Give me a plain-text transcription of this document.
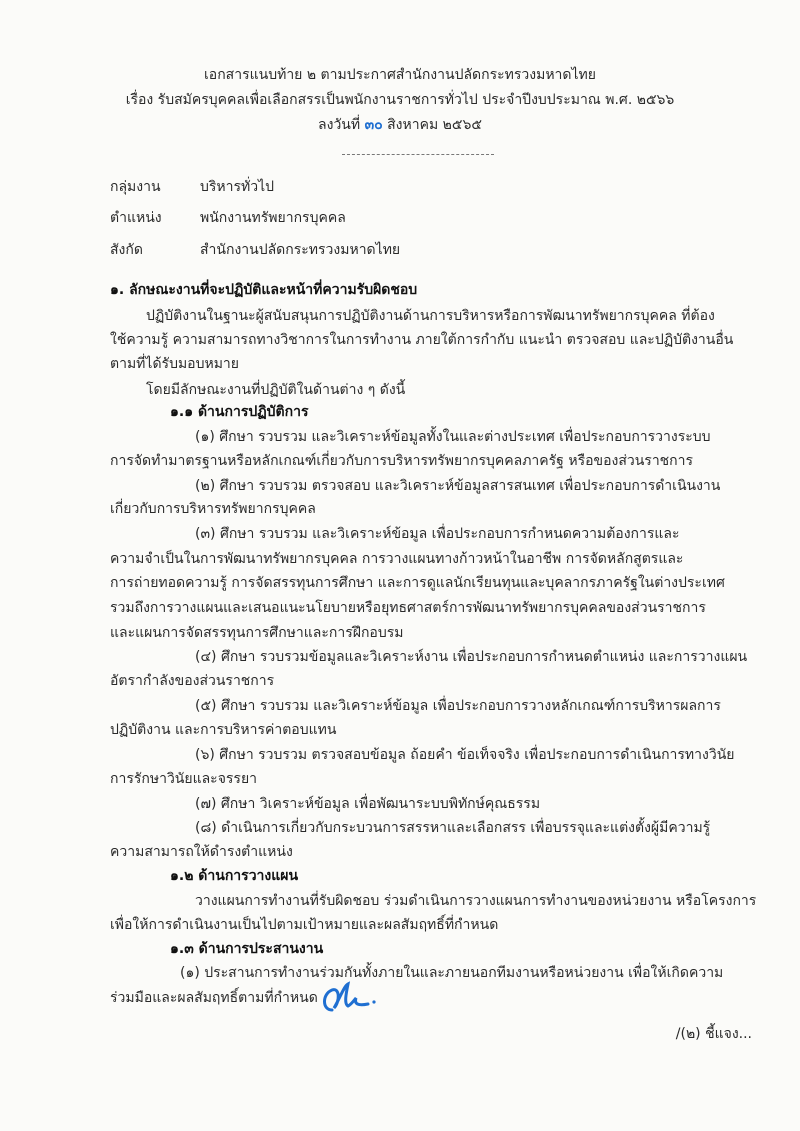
เอกสารแนบท้าย ๒ ตามประกาศสำนักงานปลัดกระทรวงมหาดไทย
เรื่อง รับสมัครบุคคลเพื่อเลือกสรรเป็นพนักงานราชการทั่วไป ประจำปีงบประมาณ พ.ศ. ๒๕๖๖
ลงวันที่ ๓๐ สิงหาคม ๒๕๖๕
กลุ่มงาน	บริหารทั่วไป
ตำแหน่ง	พนักงานทรัพยากรบุคคล
สังกัด	สำนักงานปลัดกระทรวงมหาดไทย
๑. ลักษณะงานที่จะปฏิบัติและหน้าที่ความรับผิดชอบ
ปฏิบัติงานในฐานะผู้สนับสนุนการปฏิบัติงานด้านการบริหารหรือการพัฒนาทรัพยากรบุคคล ที่ต้อง
ใช้ความรู้ ความสามารถทางวิชาการในการทำงาน ภายใต้การกำกับ แนะนำ ตรวจสอบ และปฏิบัติงานอื่น
ตามที่ได้รับมอบหมาย
โดยมีลักษณะงานที่ปฏิบัติในด้านต่าง ๆ ดังนี้
๑.๑ ด้านการปฏิบัติการ
(๑) ศึกษา รวบรวม และวิเคราะห์ข้อมูลทั้งในและต่างประเทศ เพื่อประกอบการวางระบบ
การจัดทำมาตรฐานหรือหลักเกณฑ์เกี่ยวกับการบริหารทรัพยากรบุคคลภาครัฐ หรือของส่วนราชการ
(๒) ศึกษา รวบรวม ตรวจสอบ และวิเคราะห์ข้อมูลสารสนเทศ เพื่อประกอบการดำเนินงาน
เกี่ยวกับการบริหารทรัพยากรบุคคล
(๓) ศึกษา รวบรวม และวิเคราะห์ข้อมูล เพื่อประกอบการกำหนดความต้องการและ
ความจำเป็นในการพัฒนาทรัพยากรบุคคล การวางแผนทางก้าวหน้าในอาชีพ การจัดหลักสูตรและ
การถ่ายทอดความรู้ การจัดสรรทุนการศึกษา และการดูแลนักเรียนทุนและบุคลากรภาครัฐในต่างประเทศ
รวมถึงการวางแผนและเสนอแนะนโยบายหรือยุทธศาสตร์การพัฒนาทรัพยากรบุคคลของส่วนราชการ
และแผนการจัดสรรทุนการศึกษาและการฝึกอบรม
(๔) ศึกษา รวบรวมข้อมูลและวิเคราะห์งาน เพื่อประกอบการกำหนดตำแหน่ง และการวางแผน
อัตรากำลังของส่วนราชการ
(๕) ศึกษา รวบรวม และวิเคราะห์ข้อมูล เพื่อประกอบการวางหลักเกณฑ์การบริหารผลการ
ปฏิบัติงาน และการบริหารค่าตอบแทน
(๖) ศึกษา รวบรวม ตรวจสอบข้อมูล ถ้อยคำ ข้อเท็จจริง เพื่อประกอบการดำเนินการทางวินัย
การรักษาวินัยและจรรยา
(๗) ศึกษา วิเคราะห์ข้อมูล เพื่อพัฒนาระบบพิทักษ์คุณธรรม
(๘) ดำเนินการเกี่ยวกับกระบวนการสรรหาและเลือกสรร เพื่อบรรจุและแต่งตั้งผู้มีความรู้
ความสามารถให้ดำรงตำแหน่ง
๑.๒ ด้านการวางแผน
วางแผนการทำงานที่รับผิดชอบ ร่วมดำเนินการวางแผนการทำงานของหน่วยงาน หรือโครงการ
เพื่อให้การดำเนินงานเป็นไปตามเป้าหมายและผลสัมฤทธิ์ที่กำหนด
๑.๓ ด้านการประสานงาน
(๑) ประสานการทำงานร่วมกันทั้งภายในและภายนอกทีมงานหรือหน่วยงาน เพื่อให้เกิดความ
ร่วมมือและผลสัมฤทธิ์ตามที่กำหนด
/(๒) ชี้แจง...
